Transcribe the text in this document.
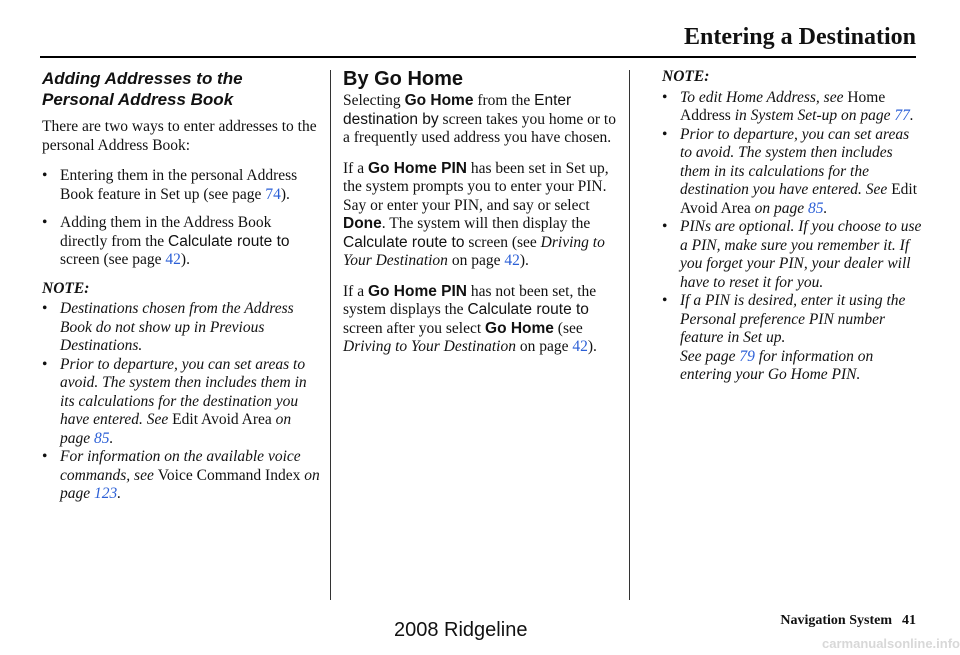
Entering a Destination
Adding Addresses to the
Personal Address Book

There are two ways to enter addresses to the personal Address Book:

• Entering them in the personal Address Book feature in Set up (see page 74).

• Adding them in the Address Book directly from the Calculate route to screen (see page 42).

NOTE:
• Destinations chosen from the Address Book do not show up in Previous Destinations.
• Prior to departure, you can set areas to avoid. The system then includes them in its calculations for the destination you have entered. See Edit Avoid Area on page 85.
• For information on the available voice commands, see Voice Command Index on page 123.
By Go Home

Selecting Go Home from the Enter destination by screen takes you home or to a frequently used address you have chosen.

If a Go Home PIN has been set in Set up, the system prompts you to enter your PIN. Say or enter your PIN, and say or select Done. The system will then display the Calculate route to screen (see Driving to Your Destination on page 42).

If a Go Home PIN has not been set, the system displays the Calculate route to screen after you select Go Home (see Driving to Your Destination on page 42).

NOTE:
• To edit Home Address, see Home Address in System Set-up on page 77.
• Prior to departure, you can set areas to avoid. The system then includes them in its calculations for the destination you have entered. See Edit Avoid Area on page 85.
• PINs are optional. If you choose to use a PIN, make sure you remember it. If you forget your PIN, your dealer will have to reset it for you.
• If a PIN is desired, enter it using the Personal preference PIN number feature in Set up.
See page 79 for information on entering your Go Home PIN.
Navigation System 41
2008 Ridgeline
carmanualsonline.info
